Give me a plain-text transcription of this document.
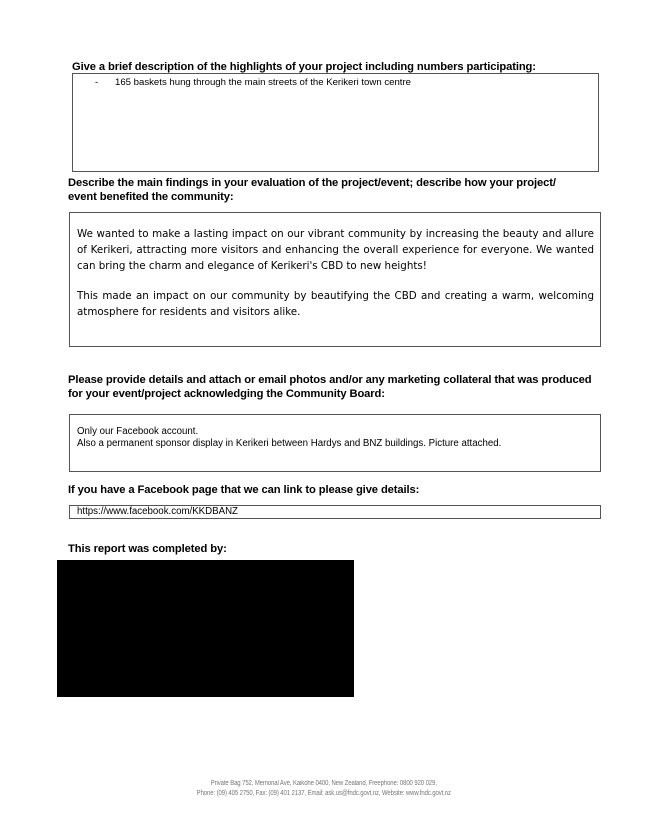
Give a brief description of the highlights of your project including numbers participating:

- 165 baskets hung through the main streets of the Kerikeri town centre
Describe the main findings in your evaluation of the project/event; describe how your project/
event benefited the community:

We wanted to make a lasting impact on our vibrant community by increasing the beauty and allure of Kerikeri, attracting more visitors and enhancing the overall experience for everyone. We wanted can bring the charm and elegance of Kerikeri's CBD to new heights!

This made an impact on our community by beautifying the CBD and creating a warm, welcoming atmosphere for residents and visitors alike.

Please provide details and attach or email photos and/or any marketing collateral that was produced
for your event/project acknowledging the Community Board:
Only our Facebook account.
Also a permanent sponsor display in Kerikeri between Hardys and BNZ buildings. Picture attached.

If you have a Facebook page that we can link to please give details:

https://www.facebook.com/KKDBANZ

This report was completed by:

Private Bag 752, Memorial Ave, Kaikohe 0400, New Zealand, Freephone: 0800 920 029,
Phone: (09) 405 2750, Fax: (09) 401 2137, Email: ask.us@fndc.govt.nz, Website: www.fndc.govt.nz
